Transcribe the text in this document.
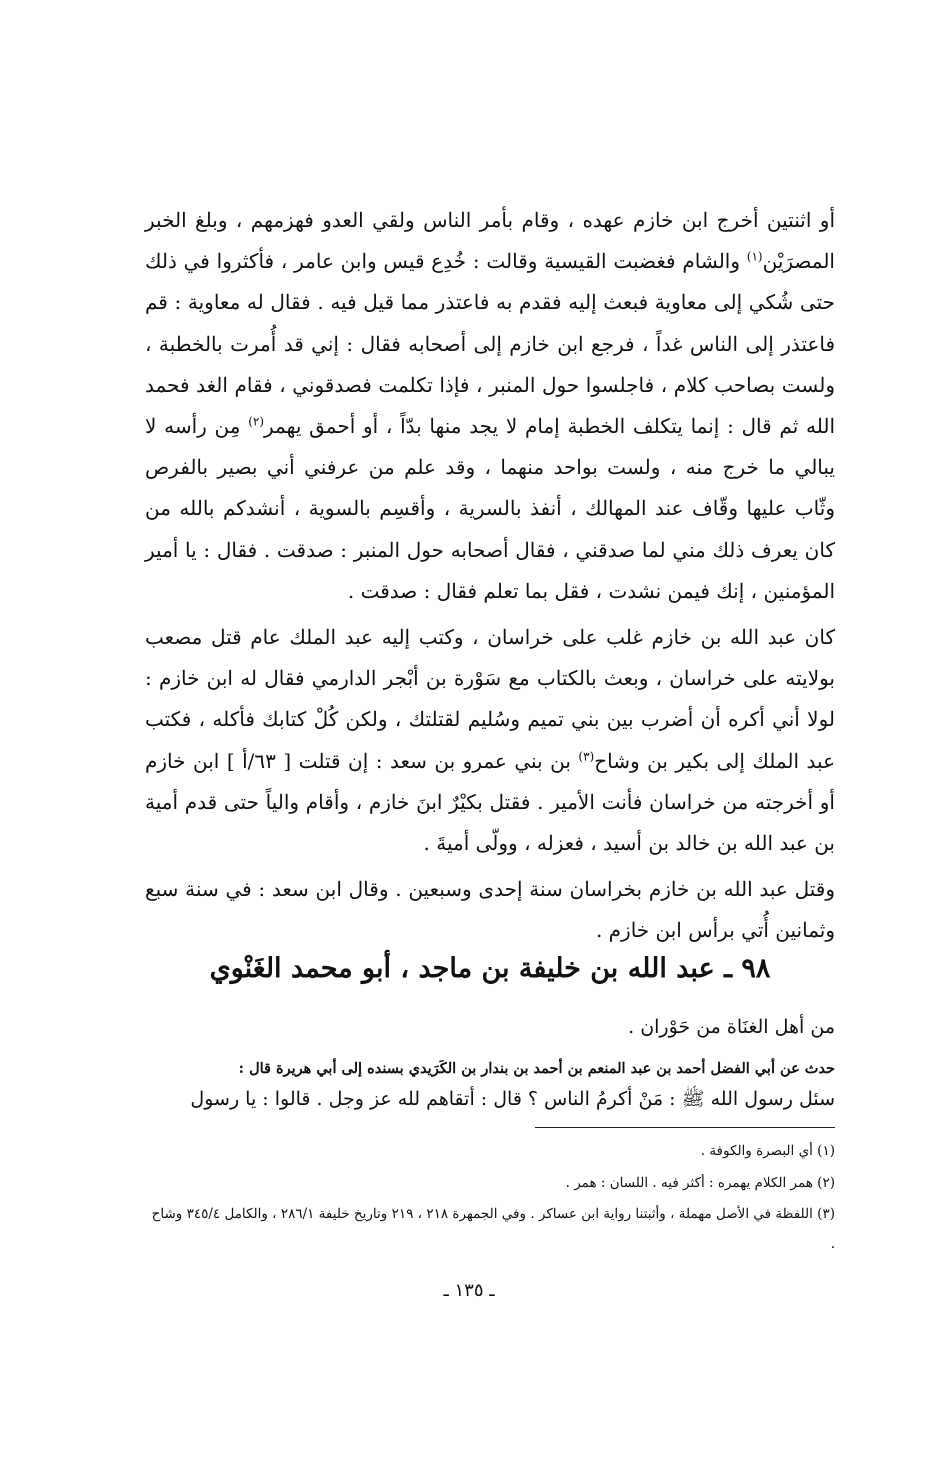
أو اثنتين أخرج ابن خازم عهده ، وقام بأمر الناس ولقي العدو فهزمهم ، وبلغ الخبر المصرَيْن$^{(١)}$ والشام فغضبت القيسية وقالت : خُدِع قيس وابن عامر ، فأكثروا في ذلك حتى شُكي إلى معاوية فبعث إليه فقدم به فاعتذر مما قيل فيه . فقال له معاوية : قم فاعتذر إلى الناس غداً ، فرجع ابن خازم إلى أصحابه فقال : إني قد أُمرت بالخطبة ، ولست بصاحب كلام ، فاجلسوا حول المنبر ، فإذا تكلمت فصدقوني ، فقام الغد فحمد الله ثم قال : إنما يتكلف الخطبة إمام لا يجد منها بدّاً ، أو أحمق يهمر$^{(٢)}$ مِن رأسه لا يبالي ما خرج منه ، ولست بواحد منهما ، وقد علم من عرفني أني بصير بالفرص وثّاب عليها وقّاف عند المهالك ، أنفذ بالسرية ، وأقسِم بالسوية ، أنشدكم بالله من كان يعرف ذلك مني لما صدقني ، فقال أصحابه حول المنبر : صدقت . فقال : يا أمير المؤمنين ، إنك فيمن نشدت ، فقل بما تعلم فقال : صدقت .

كان عبد الله بن خازم غلب على خراسان ، وكتب إليه عبد الملك عام قتل مصعب بولايته على خراسان ، وبعث بالكتاب مع سَوْرة بن أبْجر الدارمي فقال له ابن خازم : لولا أني أكره أن أضرب بين بني تميم وسُليم لقتلتك ، ولكن كُلْ كتابك فأكله ، فكتب عبد الملك إلى بكير بن وشاح$^{(٣)}$ بن بني عمرو بن سعد : إن قتلت [ ٦٣/أ ] ابن خازم أو أخرجته من خراسان فأنت الأمير . فقتل بكيْرٌ ابنَ خازم ، وأقام والياً حتى قدم أمية بن عبد الله بن خالد بن أسيد ، فعزله ، وولّى أميةَ .

وقتل عبد الله بن خازم بخراسان سنة إحدى وسبعين . وقال ابن سعد : في سنة سبع وثمانين أُتي برأس ابن خازم .

٩٨ ـ عبد الله بن خليفة بن ماجد ، أبو محمد الغَنْوي

من أهل الغنَاة من حَوْران .

حدث عن أبي الفضل أحمد بن عبد المنعم بن أحمد بن بندار بن الكَرَيدي بسنده إلى أبي هريرة قال :

سئل رسول الله ﷺ : مَنْ أكرمُ الناس ؟ قال : أتقاهم لله عز وجل . قالوا : يا رسول

(١) أي البصرة والكوفة .
(٢) همر الكلام يهمره : أكثر فيه . اللسان : همر .
(٣) اللفظة في الأصل مهملة ، وأثبتنا رواية ابن عساكر . وفي الجمهرة ٢١٨ ، ٢١٩ وتاريخ خليفة ٢٨٦/١ ، والكامل ٣٤٥/٤ وشاح .
ـ ١٣٥ ـ
